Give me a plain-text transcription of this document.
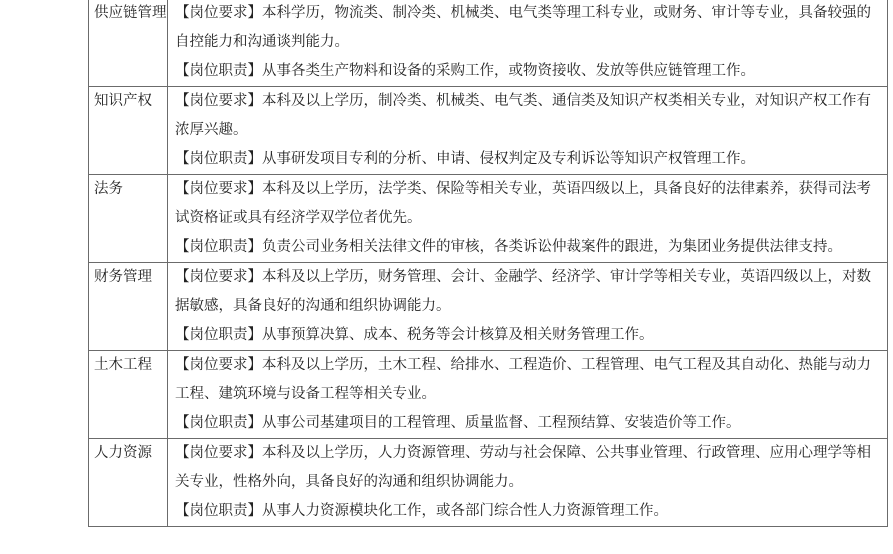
供应链管理	【岗位要求】本科学历，物流类、制冷类、机械类、电气类等理工科专业，或财务、审计等专业，具备较强的自控能力和沟通谈判能力。

【岗位职责】从事各类生产物料和设备的采购工作，或物资接收、发放等供应链管理工作。

知识产权	【岗位要求】本科及以上学历，制冷类、机械类、电气类、通信类及知识产权类相关专业，对知识产权工作有浓厚兴趣。

【岗位职责】从事研发项目专利的分析、申请、侵权判定及专利诉讼等知识产权管理工作。

法务	【岗位要求】本科及以上学历，法学类、保险等相关专业，英语四级以上，具备良好的法律素养，获得司法考试资格证或具有经济学双学位者优先。

【岗位职责】负责公司业务相关法律文件的审核，各类诉讼仲裁案件的跟进，为集团业务提供法律支持。

财务管理	【岗位要求】本科及以上学历，财务管理、会计、金融学、经济学、审计学等相关专业，英语四级以上，对数据敏感，具备良好的沟通和组织协调能力。

【岗位职责】从事预算决算、成本、税务等会计核算及相关财务管理工作。

土木工程	【岗位要求】本科及以上学历，土木工程、给排水、工程造价、工程管理、电气工程及其自动化、热能与动力工程、建筑环境与设备工程等相关专业。

【岗位职责】从事公司基建项目的工程管理、质量监督、工程预结算、安装造价等工作。

人力资源	【岗位要求】本科及以上学历，人力资源管理、劳动与社会保障、公共事业管理、行政管理、应用心理学等相关专业，性格外向，具备良好的沟通和组织协调能力。

【岗位职责】从事人力资源模块化工作，或各部门综合性人力资源管理工作。
